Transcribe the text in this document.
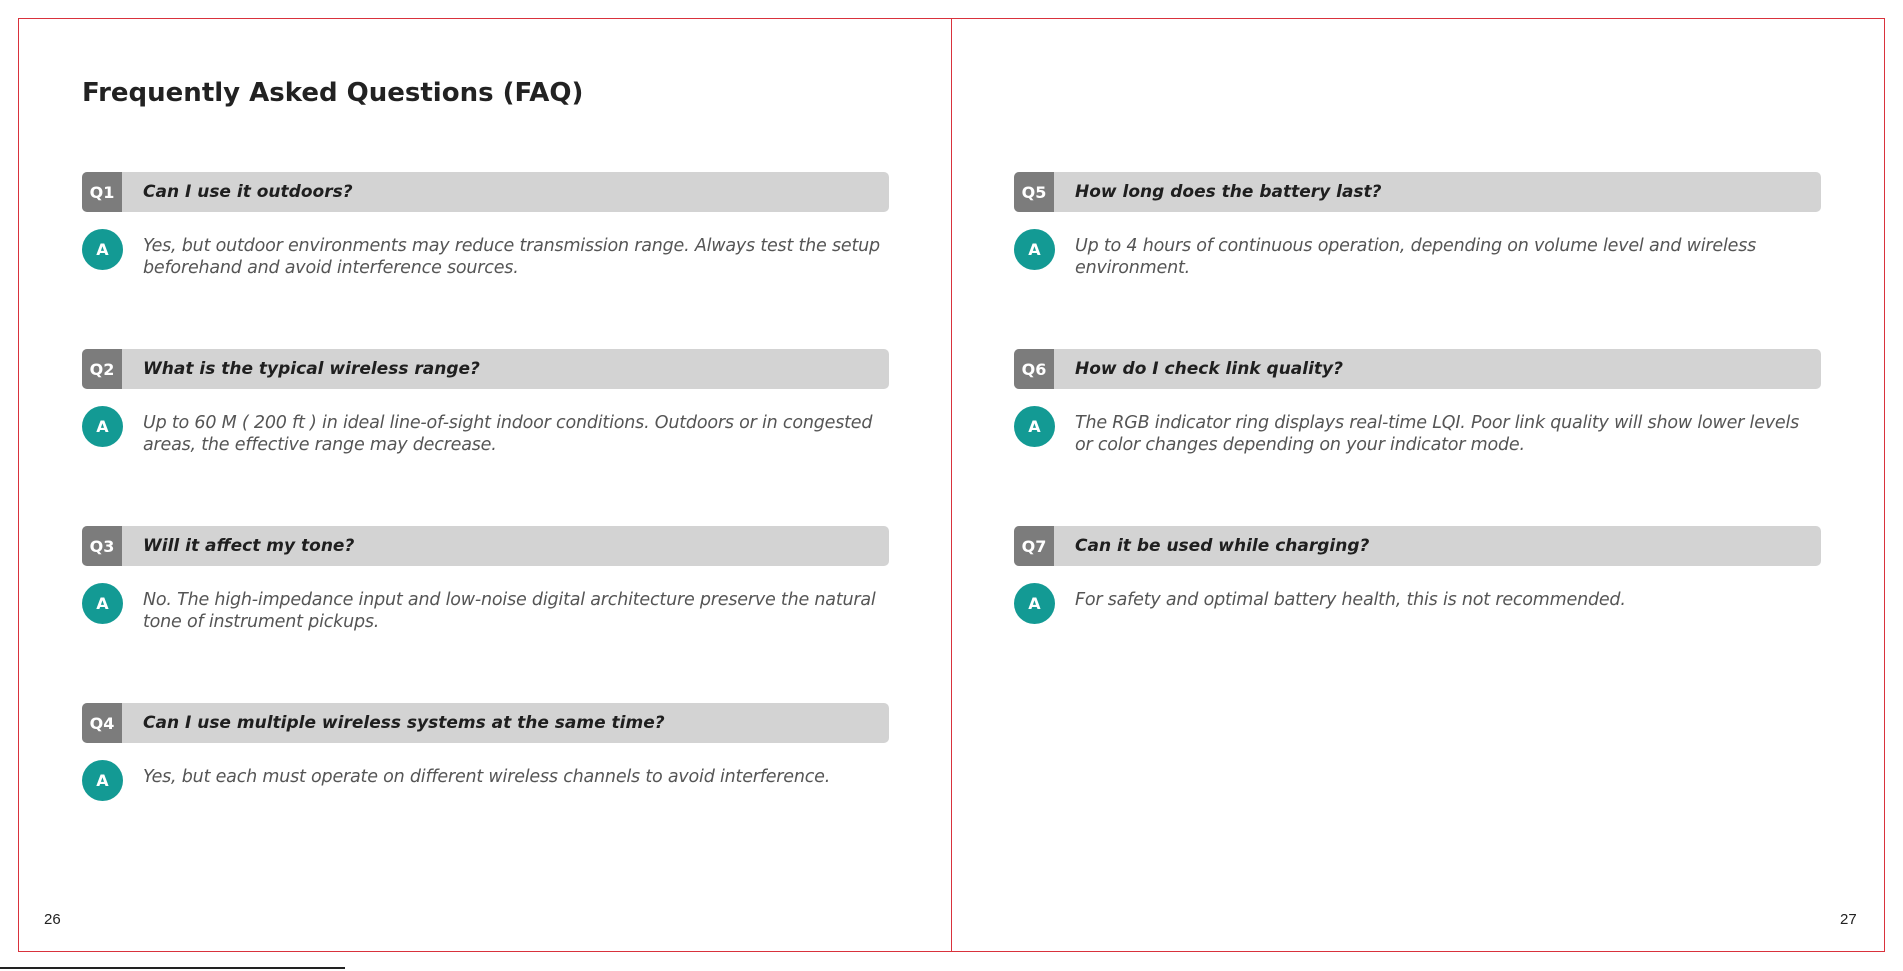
Frequently Asked Questions (FAQ)
Q1	Can I use it outdoors?
A	Yes, but outdoor environments may reduce transmission range. Always test the setup beforehand and avoid interference sources.
Q2	What is the typical wireless range?
A	Up to 60 M ( 200 ft ) in ideal line-of-sight indoor conditions. Outdoors or in congested areas, the effective range may decrease.
Q3	Will it affect my tone?
A	No. The high-impedance input and low-noise digital architecture preserve the natural tone of instrument pickups.
Q4	Can I use multiple wireless systems at the same time?
A	Yes, but each must operate on different wireless channels to avoid interference.
Q5	How long does the battery last?
A	Up to 4 hours of continuous operation, depending on volume level and wireless environment.
Q6	How do I check link quality?
A	The RGB indicator ring displays real-time LQI. Poor link quality will show lower levels or color changes depending on your indicator mode.
Q7	Can it be used while charging?
A	For safety and optimal battery health, this is not recommended.
26	27
